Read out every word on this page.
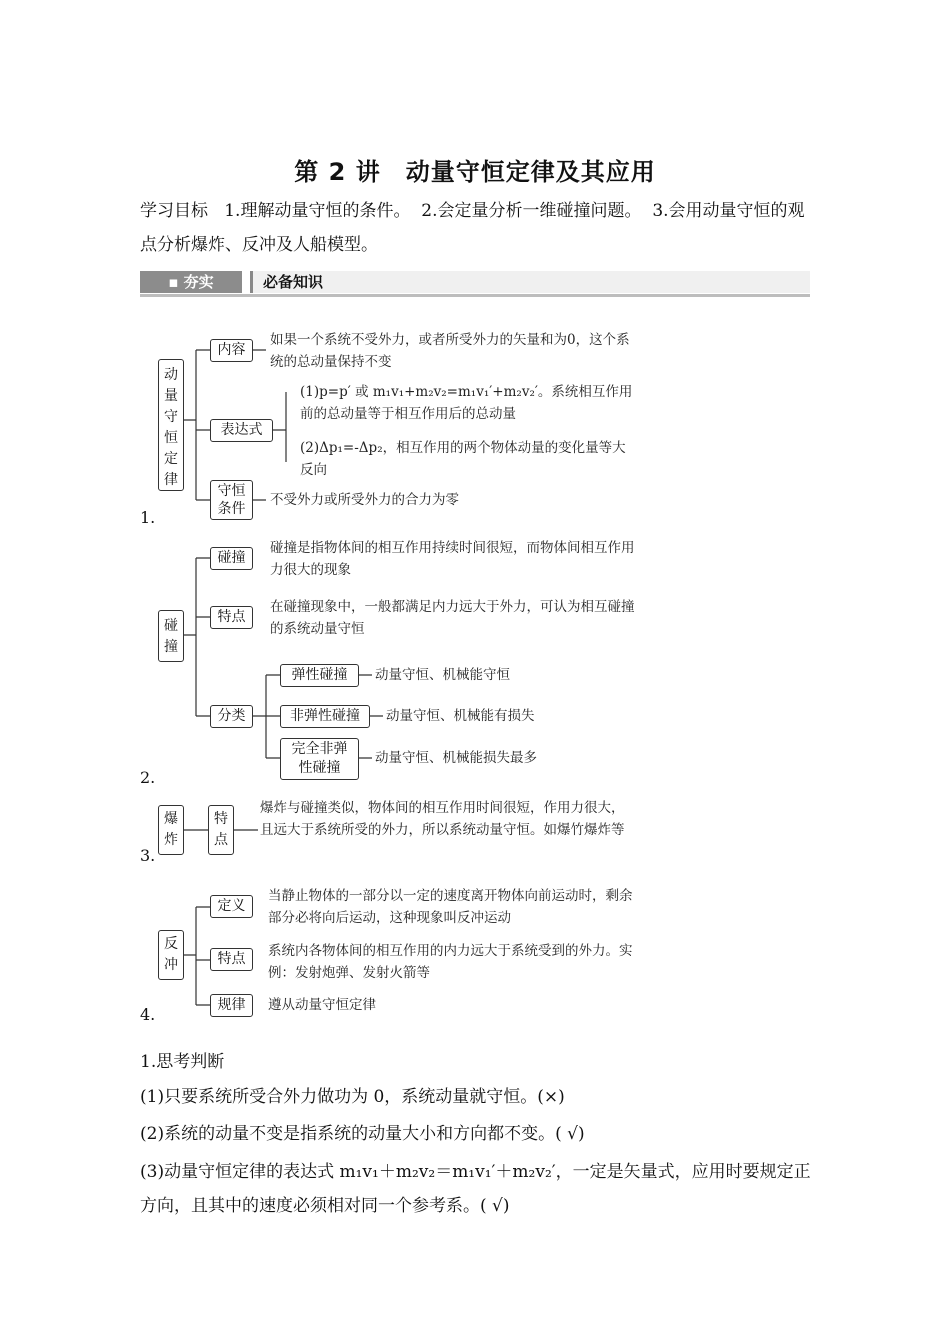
第 2 讲　动量守恒定律及其应用
学习目标 1.理解动量守恒的条件。 2.会定量分析一维碰撞问题。 3.会用动量守恒的观点分析爆炸、反冲及人船模型。
▪ 夯实	必备知识
1.
动量守恒定律
内容
如果一个系统不受外力，或者所受外力的矢量和为0，这个系统的总动量保持不变
表达式
(1)p=p′ 或 m₁v₁+m₂v₂=m₁v₁′+m₂v₂′。系统相互作用前的总动量等于相互作用后的总动量
(2)Δp₁=-Δp₂，相互作用的两个物体动量的变化量等大反向
守恒条件
不受外力或所受外力的合力为零
2.
碰撞
碰撞
碰撞是指物体间的相互作用持续时间很短，而物体间相互作用力很大的现象
特点
在碰撞现象中，一般都满足内力远大于外力，可认为相互碰撞的系统动量守恒
分类
弹性碰撞	动量守恒、机械能守恒
非弹性碰撞	动量守恒、机械能有损失
完全非弹性碰撞
动量守恒、机械能损失最多
3.
爆炸
特点
爆炸与碰撞类似，物体间的相互作用时间很短，作用力很大，且远大于系统所受的外力，所以系统动量守恒。如爆竹爆炸等
4.
反冲
定义
当静止物体的一部分以一定的速度离开物体向前运动时，剩余部分必将向后运动，这种现象叫反冲运动
特点	系统内各物体间的相互作用的内力远大于系统受到的外力。实例：发射炮弹、发射火箭等
规律	遵从动量守恒定律
1.思考判断
(1)只要系统所受合外力做功为 0，系统动量就守恒。(×)
(2)系统的动量不变是指系统的动量大小和方向都不变。( √)
(3)动量守恒定律的表达式 m₁v₁＋m₂v₂＝m₁v₁′＋m₂v₂′，一定是矢量式，应用时要规定正方向，且其中的速度必须相对同一个参考系。( √)
